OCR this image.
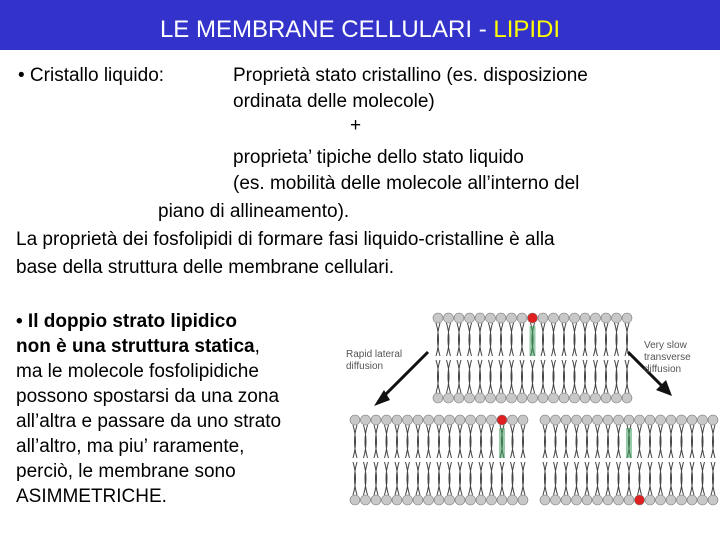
LE MEMBRANE CELLULARI - LIPIDI
• Cristallo liquido:	Proprietà stato cristallino (es. disposizione
ordinata delle molecole)
+
proprieta’ tipiche dello stato liquido
(es. mobilità delle molecole all’interno del
piano di allineamento).
La proprietà dei fosfolipidi di formare fasi liquido-cristalline è alla
base della struttura delle membrane cellulari.
• Il doppio strato lipidico
non è una struttura statica,
ma le molecole fosfolipidiche
possono spostarsi da una zona
all’altra e passare da uno strato
all’altro, ma piu’ raramente,
perciò, le membrane sono
ASIMMETRICHE.
Rapid lateral
diffusion
Very slow
transverse
diffusion
